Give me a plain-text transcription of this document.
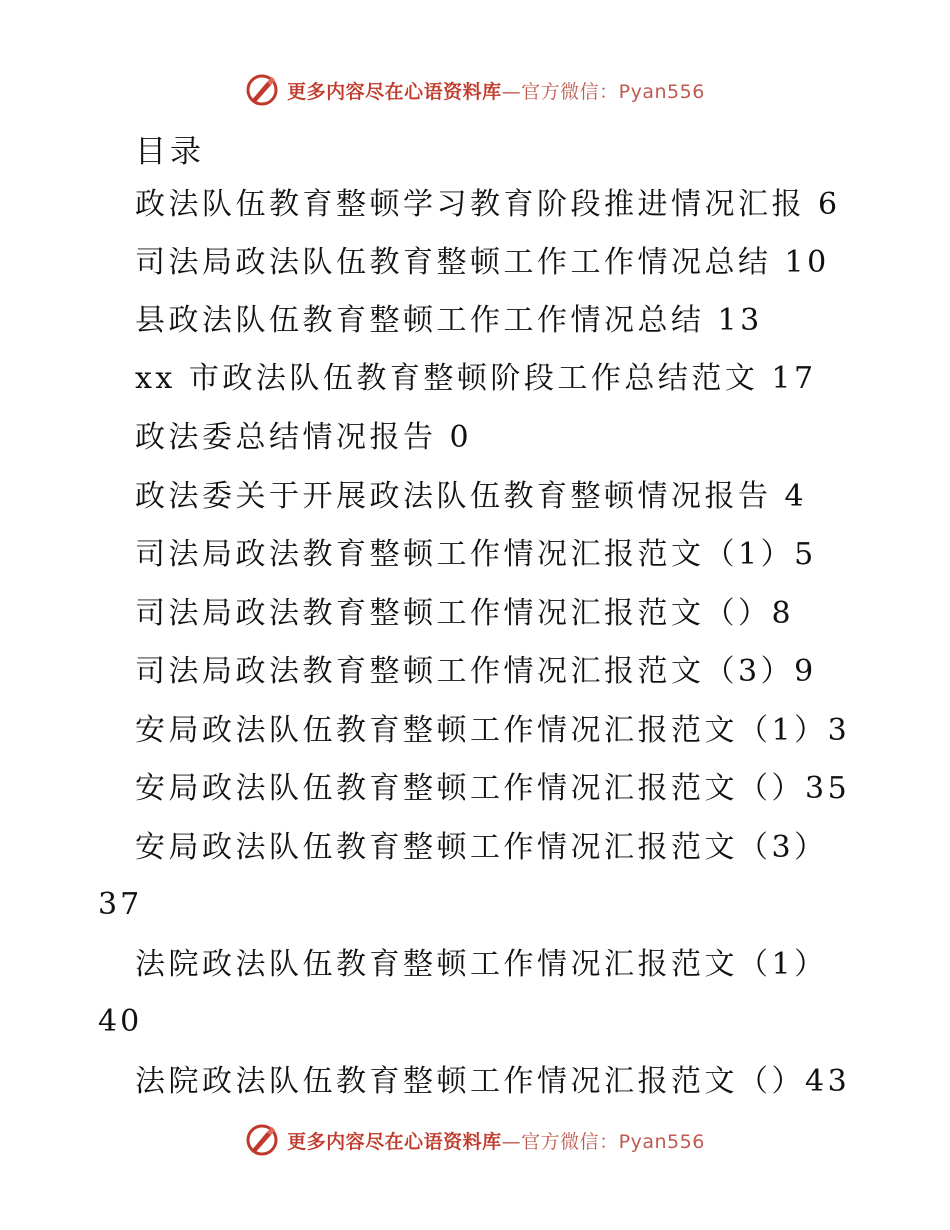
更多内容尽在心语资料库—官方微信：Pyan556
目录
政法队伍教育整顿学习教育阶段推进情况汇报 6
司法局政法队伍教育整顿工作工作情况总结 10
县政法队伍教育整顿工作工作情况总结 13
xx 市政法队伍教育整顿阶段工作总结范文 17
政法委总结情况报告 0
政法委关于开展政法队伍教育整顿情况报告 4
司法局政法教育整顿工作情况汇报范文（1）5
司法局政法教育整顿工作情况汇报范文（）8
司法局政法教育整顿工作情况汇报范文（3）9
安局政法队伍教育整顿工作情况汇报范文（1）3
安局政法队伍教育整顿工作情况汇报范文（）35
安局政法队伍教育整顿工作情况汇报范文（3）
37
法院政法队伍教育整顿工作情况汇报范文（1）
40
法院政法队伍教育整顿工作情况汇报范文（）43
更多内容尽在心语资料库—官方微信：Pyan556
